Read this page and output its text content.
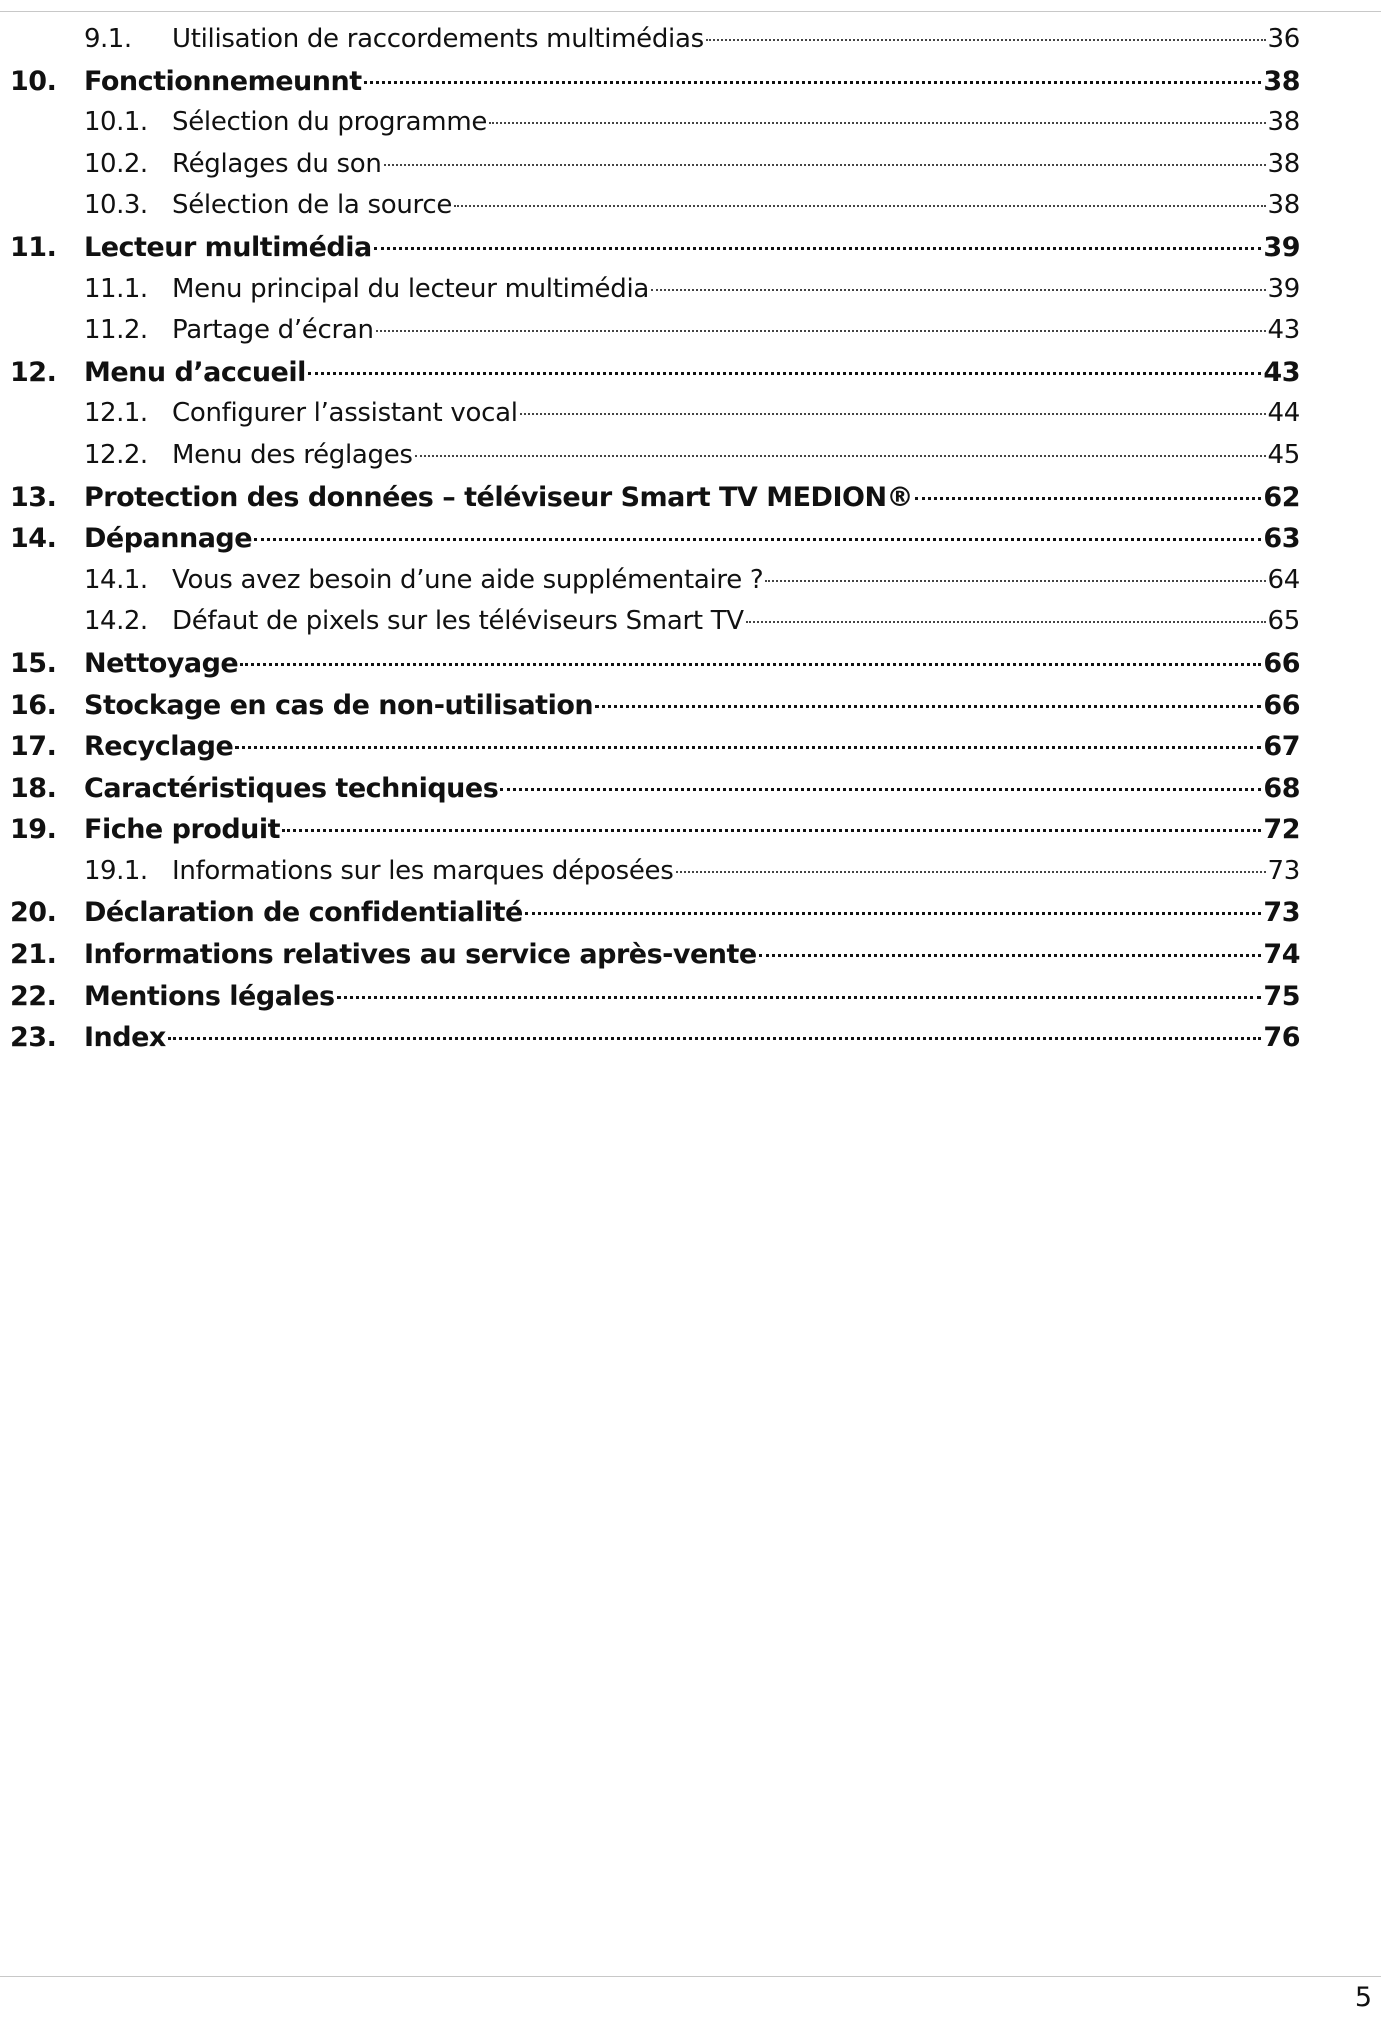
9.1. Utilisation de raccordements multimédias	36
10. Fonctionnemeunnt	38
10.1. Sélection du programme	38
10.2. Réglages du son	38
10.3. Sélection de la source	38
11. Lecteur multimédia	39
11.1. Menu principal du lecteur multimédia	39
11.2. Partage d’écran	43
12. Menu d’accueil	43
12.1. Configurer l’assistant vocal	44
12.2. Menu des réglages	45
13. Protection des données – téléviseur Smart TV MEDION®	62
14. Dépannage	63
14.1. Vous avez besoin d’une aide supplémentaire ?	64
14.2. Défaut de pixels sur les téléviseurs Smart TV	65
15. Nettoyage	66
16. Stockage en cas de non-utilisation	66
17. Recyclage	67
18. Caractéristiques techniques	68
19. Fiche produit	72
19.1. Informations sur les marques déposées	73
20. Déclaration de confidentialité	73
21. Informations relatives au service après-vente	74
22. Mentions légales	75
23. Index	76
5
